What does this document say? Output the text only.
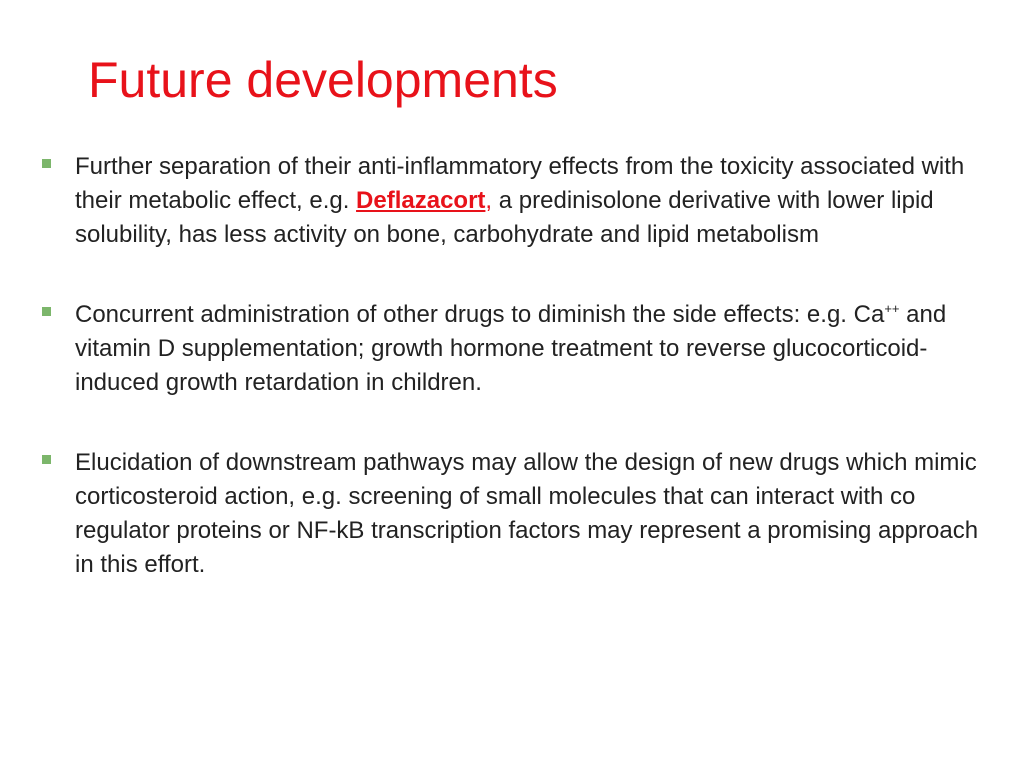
Future developments
Further separation of their anti-inflammatory effects from the toxicity associated with their metabolic effect, e.g. Deflazacort, a predinisolone derivative with lower lipid solubility, has less activity on bone, carbohydrate and lipid metabolism
Concurrent administration of other drugs to diminish the side effects: e.g. Ca++ and vitamin D supplementation; growth hormone treatment to reverse glucocorticoid-induced growth retardation in children.
Elucidation of downstream pathways may allow the design of new drugs which mimic corticosteroid action, e.g. screening of small molecules that can interact with co regulator proteins or NF-kB transcription factors may represent a promising approach in this effort.
